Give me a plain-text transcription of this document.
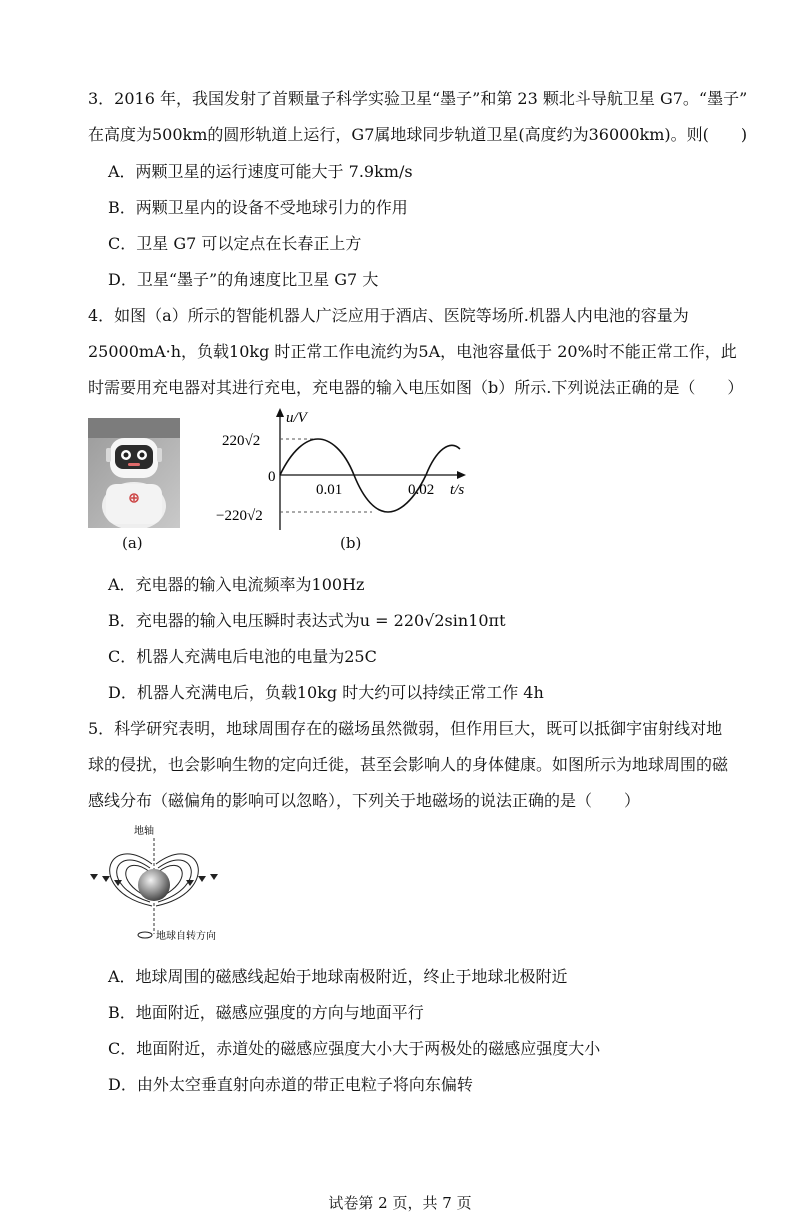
3．2016 年，我国发射了首颗量子科学实验卫星“墨子”和第 23 颗北斗导航卫星 G7。“墨子”
在高度为500km的圆形轨道上运行，G7属地球同步轨道卫星(高度约为36000km)。则(　　)
A．两颗卫星的运行速度可能大于 7.9km/s
B．两颗卫星内的设备不受地球引力的作用
C．卫星 G7 可以定点在长春正上方
D．卫星“墨子”的角速度比卫星 G7 大
4．如图（a）所示的智能机器人广泛应用于酒店、医院等场所.机器人内电池的容量为
25000mA·h，负载10kg 时正常工作电流约为5A，电池容量低于 20%时不能正常工作，此
时需要用充电器对其进行充电，充电器的输入电压如图（b）所示.下列说法正确的是（　　）
(a)
u/V
220√2
0
0.01	0.02 t/s
−220√2
(b)
A．充电器的输入电流频率为100Hz
B．充电器的输入电压瞬时表达式为u = 220√2sin10πt
C．机器人充满电后电池的电量为25C
D．机器人充满电后，负载10kg 时大约可以持续正常工作 4h
5．科学研究表明，地球周围存在的磁场虽然微弱，但作用巨大，既可以抵御宇宙射线对地
球的侵扰，也会影响生物的定向迁徙，甚至会影响人的身体健康。如图所示为地球周围的磁
感线分布（磁偏角的影响可以忽略），下列关于地磁场的说法正确的是（　　）
地轴
地球自转方向
A．地球周围的磁感线起始于地球南极附近，终止于地球北极附近
B．地面附近，磁感应强度的方向与地面平行
C．地面附近，赤道处的磁感应强度大小大于两极处的磁感应强度大小
D．由外太空垂直射向赤道的带正电粒子将向东偏转
试卷第 2 页，共 7 页
